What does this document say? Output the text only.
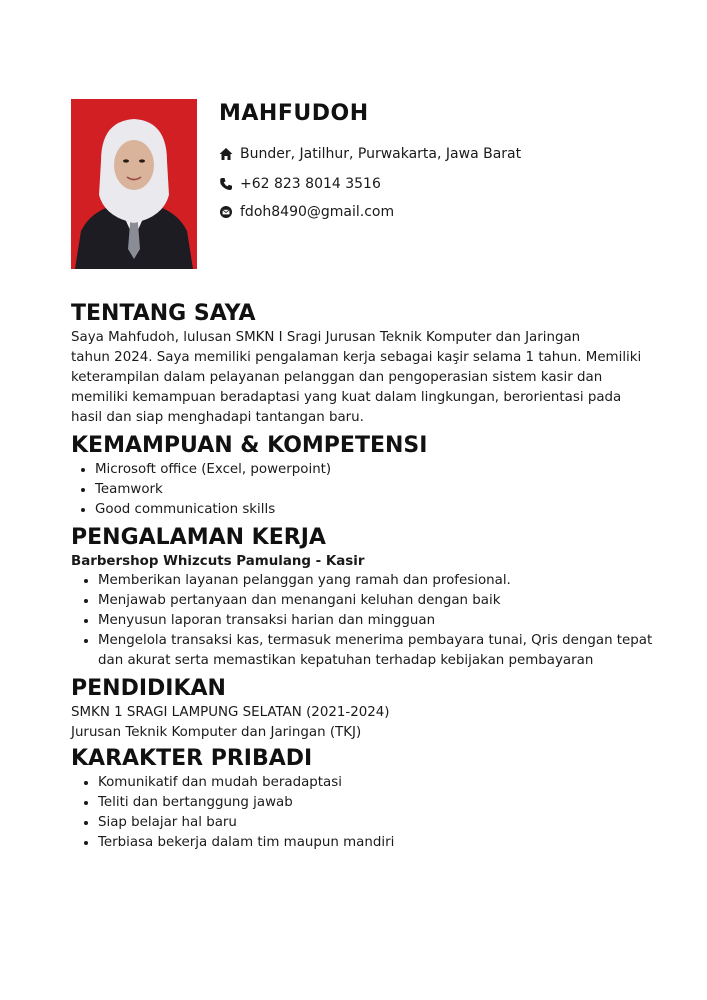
MAHFUDOH
Bunder, Jatilhur, Purwakarta, Jawa Barat
+62 823 8014 3516
fdoh8490@gmail.com
TENTANG SAYA
Saya Mahfudoh, lulusan SMKN I Sragi Jurusan Teknik Komputer dan Jaringan
tahun 2024. Saya memiliki pengalaman kerja sebagai kaşir selama 1 tahun. Memiliki
keterampilan dalam pelayanan pelanggan dan pengoperasian sistem kasir dan
memiliki kemampuan beradaptasi yang kuat dalam lingkungan, berorientasi pada
hasil dan siap menghadapi tantangan baru.
KEMAMPUAN & KOMPETENSI
• Microsoft office (Excel, powerpoint)
• Teamwork
• Good communication skills
PENGALAMAN KERJA
Barbershop Whizcuts Pamulang - Kasir
• Memberikan layanan pelanggan yang ramah dan profesional.
• Menjawab pertanyaan dan menangani keluhan dengan baik
• Menyusun laporan transaksi harian dan mingguan
• Mengelola transaksi kas, termasuk menerima pembayara tunai, Qris dengan tepat dan akurat serta memastikan kepatuhan terhadap kebijakan pembayaran
PENDIDIKAN
SMKN 1 SRAGI LAMPUNG SELATAN (2021-2024)
Jurusan Teknik Komputer dan Jaringan (TKJ)
KARAKTER PRIBADI
• Komunikatif dan mudah beradaptasi
• Teliti dan bertanggung jawab
• Siap belajar hal baru
• Terbiasa bekerja dalam tim maupun mandiri
